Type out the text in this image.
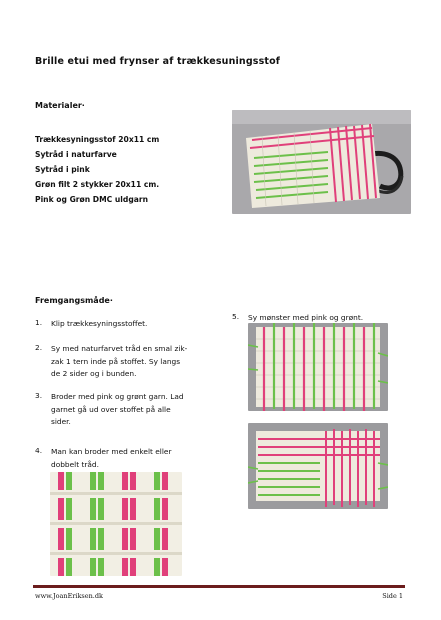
Brille etui med frynser af trækkesuningsstof
Materialer·
Trækkesyningsstof 20x11 cm
Sytråd i naturfarve
Sytråd i pink
Grøn filt 2 stykker 20x11 cm.
Pink og Grøn DMC uldgarn
Fremgangsmåde·
1.	Klip trækkesyningsstoffet.
2.	Sy med naturfarvet tråd en smal zik-zak 1 tern inde på stoffet. Sy langs de 2 sider og i bunden.
3.	Broder med pink og grønt garn. Lad garnet gå ud over stoffet på alle sider.
4.	Man kan broder med enkelt eller dobbelt tråd.
5.	Sy mønster med pink og grønt.
www.JoanEriksen.dk	Side 1
